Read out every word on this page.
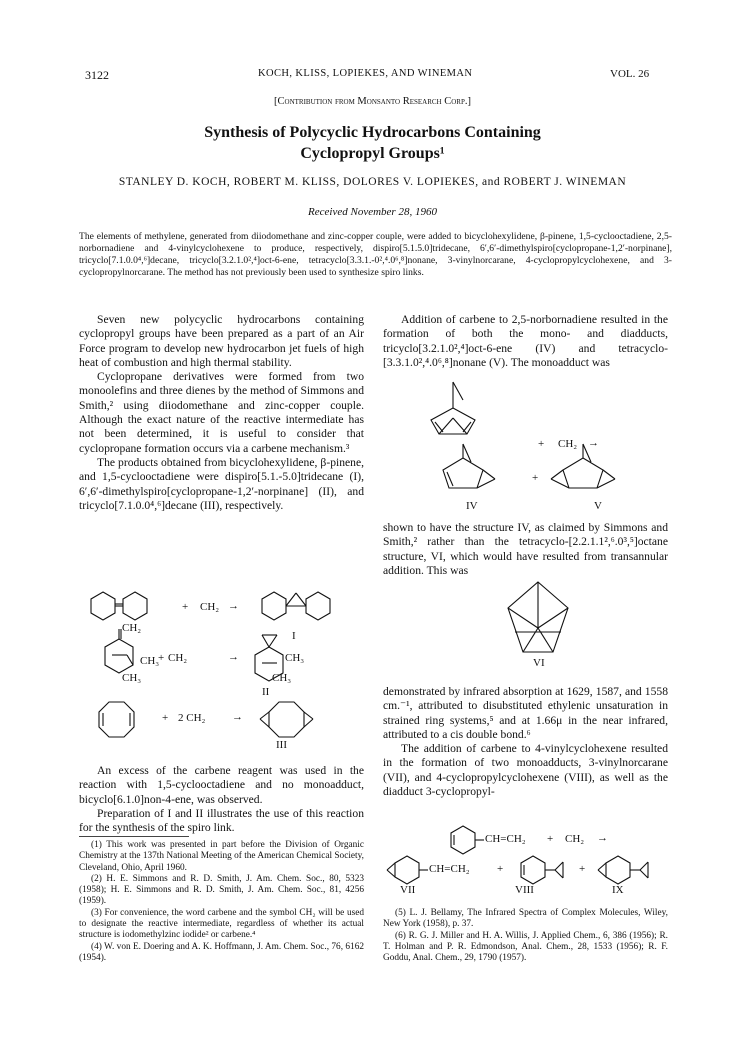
3122	KOCH, KLISS, LOPIEKES, AND WINEMAN	VOL. 26
[Contribution from Monsanto Research Corp.]
Synthesis of Polycyclic Hydrocarbons Containing
Cyclopropyl Groups¹
STANLEY D. KOCH, ROBERT M. KLISS, DOLORES V. LOPIEKES, and ROBERT J. WINEMAN
Received November 28, 1960
The elements of methylene, generated from diiodomethane and zinc-copper couple, were added to bicyclohexylidene, β-pinene, 1,5-cyclooctadiene, 2,5-norbornadiene and 4-vinylcyclohexene to produce, respectively, dispiro[5.1.5.0]tridecane, 6′,6′-dimethylspiro[cyclopropane-1,2′-norpinane], tricyclo[7.1.0.0⁴,⁶]decane, tricyclo[3.2.1.0²,⁴]oct-6-ene, tetracyclo[3.3.1.-0²,⁴.0⁶,⁸]nonane, 3-vinylnorcarane, 4-cyclopropylcyclohexene, and 3-cyclopropylnorcarane. The method has not previously been used to synthesize spiro links.

Seven new polycyclic hydrocarbons containing cyclopropyl groups have been prepared as a part of an Air Force program to develop new hydrocarbon jet fuels of high heat of combustion and high thermal stability.

Cyclopropane derivatives were formed from two monoolefins and three dienes by the method of Simmons and Smith,² using diiodomethane and zinc-copper couple. Although the exact nature of the reactive intermediate has not been determined, it is useful to consider that cyclopropane formation occurs via a carbene mechanism.³

The products obtained from bicyclohexylidene, β-pinene, and 1,5-cyclooctadiene were dispiro[5.1.-5.0]tridecane (I), 6′,6′-dimethylspiro[cyclopropane-1,2′-norpinane] (II), and tricyclo[7.1.0.0⁴,⁶]decane (III), respectively.

+ CH₂ →
I
CH₂
CH₃
CH₃
+ CH₂	→	CH₃
CH₃
II
+ 2 CH₂ →
III

An excess of the carbene reagent was used in the reaction with 1,5-cyclooctadiene and no monoadduct, bicyclo[6.1.0]non-4-ene, was observed.

Preparation of I and II illustrates the use of this reaction for the synthesis of the spiro link.

(1) This work was presented in part before the Division of Organic Chemistry at the 137th National Meeting of the American Chemical Society, Cleveland, Ohio, April 1960.

(2) H. E. Simmons and R. D. Smith, J. Am. Chem. Soc., 80, 5323 (1958); H. E. Simmons and R. D. Smith, J. Am. Chem. Soc., 81, 4256 (1959).

(3) For convenience, the word carbene and the symbol CH₂ will be used to designate the reactive intermediate, regardless of whether its actual structure is iodomethylzinc iodide² or carbene.⁴

(4) W. von E. Doering and A. K. Hoffmann, J. Am. Chem. Soc., 76, 6162 (1954).

Addition of carbene to 2,5-norbornadiene resulted in the formation of both the mono- and diadducts, tricyclo[3.2.1.0²,⁴]oct-6-ene (IV) and tetracyclo-[3.3.1.0²,⁴.0⁶,⁸]nonane (V). The monoadduct was

+ CH₂ →
+
IV	V

shown to have the structure IV, as claimed by Simmons and Smith,² rather than the tetracyclo-[2.2.1.1²,⁶.0³,⁵]octane structure, VI, which would have resulted from transannular addition. This was

VI

demonstrated by infrared absorption at 1629, 1587, and 1558 cm.⁻¹, attributed to disubstituted ethylenic unsaturation in strained ring systems,⁵ and at 1.66μ in the near infrared, attributed to a cis double bond.⁶

The addition of carbene to 4-vinylcyclohexene resulted in the formation of two monoadducts, 3-vinylnorcarane (VII), and 4-cyclopropylcyclohexene (VIII), as well as the diadduct 3-cyclopropyl-

CH=CH₂ + CH₂ →
CH=CH₂ +	+
VII	VIII	IX

(5) L. J. Bellamy, The Infrared Spectra of Complex Molecules, Wiley, New York (1958), p. 37.

(6) R. G. J. Miller and H. A. Willis, J. Applied Chem., 6, 386 (1956); R. T. Holman and P. R. Edmondson, Anal. Chem., 28, 1533 (1956); R. F. Goddu, Anal. Chem., 29, 1790 (1957).
